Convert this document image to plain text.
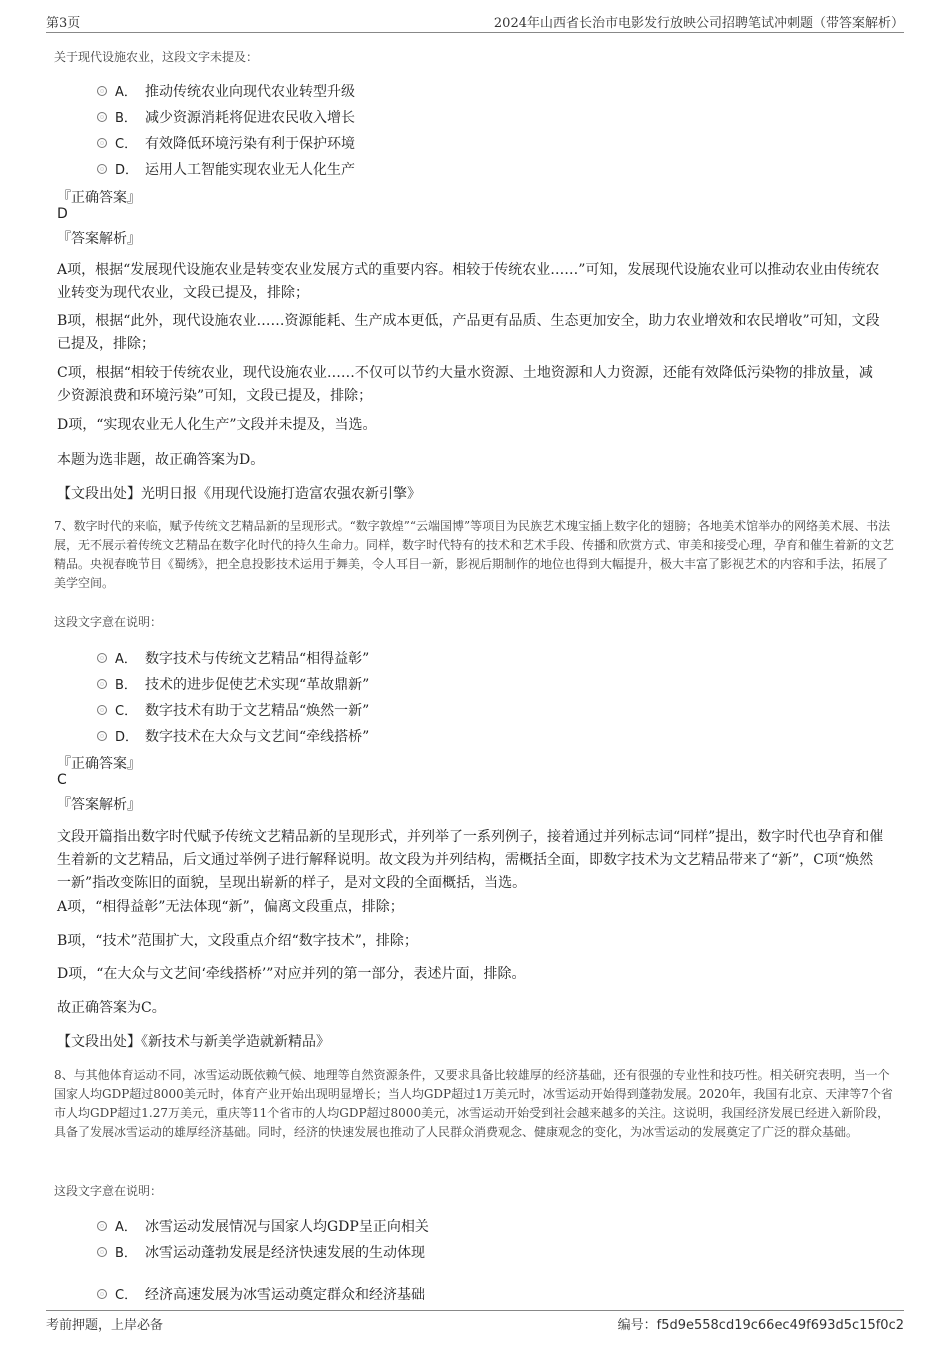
第3页	2024年山西省长治市电影发行放映公司招聘笔试冲刺题（带答案解析）
关于现代设施农业，这段文字未提及：
A． 推动传统农业向现代农业转型升级
B． 减少资源消耗将促进农民收入增长
C． 有效降低环境污染有利于保护环境
D． 运用人工智能实现农业无人化生产
『正确答案』
D
『答案解析』
A项，根据“发展现代设施农业是转变农业发展方式的重要内容。相较于传统农业……”可知，发展现代设施农业可以推动农业由传统农业转变为现代农业，文段已提及，排除；
B项，根据“此外，现代设施农业……资源能耗、生产成本更低，产品更有品质、生态更加安全，助力农业增效和农民增收”可知，文段已提及，排除；
C项，根据“相较于传统农业，现代设施农业……不仅可以节约大量水资源、土地资源和人力资源，还能有效降低污染物的排放量，减少资源浪费和环境污染”可知，文段已提及，排除；
D项，“实现农业无人化生产”文段并未提及，当选。
本题为选非题，故正确答案为D。
【文段出处】光明日报《用现代设施打造富农强农新引擎》
7、数字时代的来临，赋予传统文艺精品新的呈现形式。“数字敦煌”“云端国博”等项目为民族艺术瑰宝插上数字化的翅膀；各地美术馆举办的网络美术展、书法展，无不展示着传统文艺精品在数字化时代的持久生命力。同样，数字时代特有的技术和艺术手段、传播和欣赏方式、审美和接受心理，孕育和催生着新的文艺精品。央视春晚节目《蜀绣》，把全息投影技术运用于舞美，令人耳目一新，影视后期制作的地位也得到大幅提升，极大丰富了影视艺术的内容和手法，拓展了美学空间。
这段文字意在说明：
A． 数字技术与传统文艺精品“相得益彰”
B． 技术的进步促使艺术实现“革故鼎新”
C． 数字技术有助于文艺精品“焕然一新”
D． 数字技术在大众与文艺间“牵线搭桥”
『正确答案』
C
『答案解析』
文段开篇指出数字时代赋予传统文艺精品新的呈现形式，并列举了一系列例子，接着通过并列标志词“同样”提出，数字时代也孕育和催生着新的文艺精品，后文通过举例子进行解释说明。故文段为并列结构，需概括全面，即数字技术为文艺精品带来了“新”，C项“焕然一新”指改变陈旧的面貌，呈现出崭新的样子，是对文段的全面概括，当选。
A项，“相得益彰”无法体现“新”，偏离文段重点，排除；
B项，“技术”范围扩大，文段重点介绍“数字技术”，排除；
D项，“在大众与文艺间‘牵线搭桥’”对应并列的第一部分，表述片面，排除。
故正确答案为C。
【文段出处】《新技术与新美学造就新精品》
8、与其他体育运动不同，冰雪运动既依赖气候、地理等自然资源条件，又要求具备比较雄厚的经济基础，还有很强的专业性和技巧性。相关研究表明，当一个国家人均GDP超过8000美元时，体育产业开始出现明显增长；当人均GDP超过1万美元时，冰雪运动开始得到蓬勃发展。2020年，我国有北京、天津等7个省市人均GDP超过1.27万美元，重庆等11个省市的人均GDP超过8000美元，冰雪运动开始受到社会越来越多的关注。这说明，我国经济发展已经进入新阶段，具备了发展冰雪运动的雄厚经济基础。同时，经济的快速发展也推动了人民群众消费观念、健康观念的变化，为冰雪运动的发展奠定了广泛的群众基础。
这段文字意在说明：
A． 冰雪运动发展情况与国家人均GDP呈正向相关
B． 冰雪运动蓬勃发展是经济快速发展的生动体现
C． 经济高速发展为冰雪运动奠定群众和经济基础
考前押题，上岸必备	编号：f5d9e558cd19c66ec49f693d5c15f0c2
